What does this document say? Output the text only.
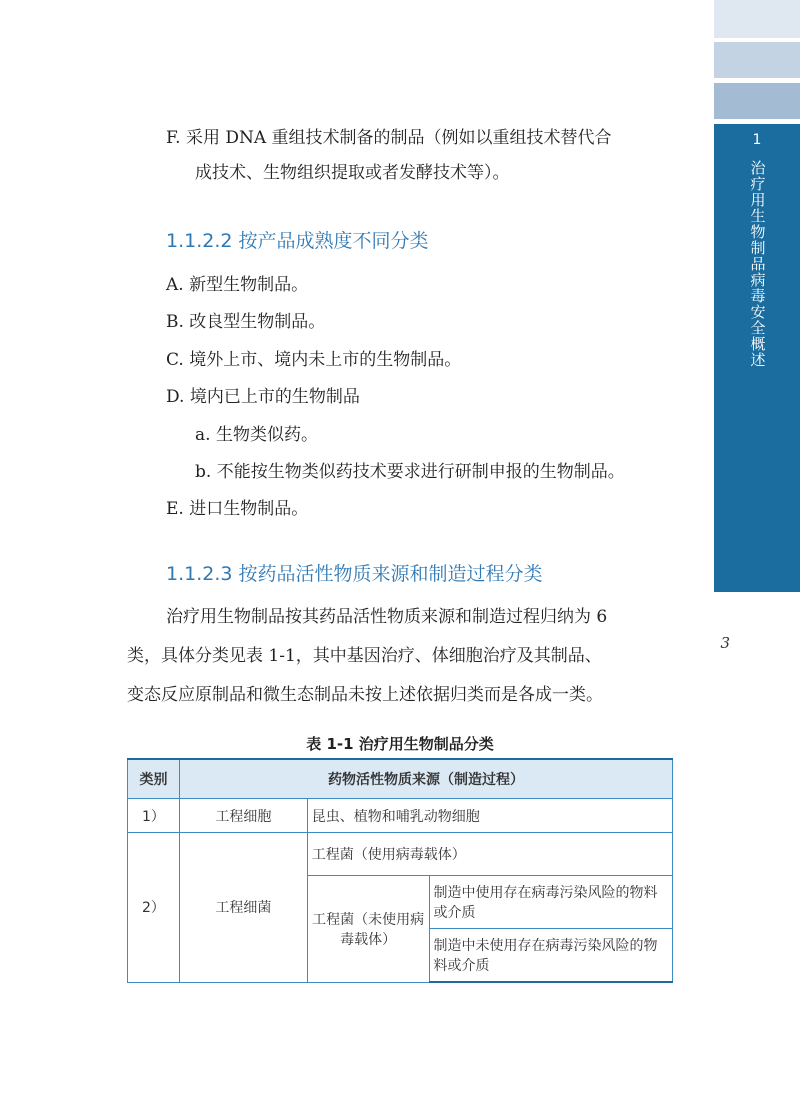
1
治疗用生物制品病毒安全概述
3
F. 采用 DNA 重组技术制备的制品（例如以重组技术替代合
成技术、生物组织提取或者发酵技术等）。
1.1.2.2 按产品成熟度不同分类
A. 新型生物制品。
B. 改良型生物制品。
C. 境外上市、境内未上市的生物制品。
D. 境内已上市的生物制品
a. 生物类似药。
b. 不能按生物类似药技术要求进行研制申报的生物制品。
E. 进口生物制品。
1.1.2.3 按药品活性物质来源和制造过程分类
治疗用生物制品按其药品活性物质来源和制造过程归纳为 6
类，具体分类见表 1-1，其中基因治疗、体细胞治疗及其制品、
变态反应原制品和微生态制品未按上述依据归类而是各成一类。
表 1-1 治疗用生物制品分类
类别	药物活性物质来源（制造过程）		
1）	工程细胞	昆虫、植物和哺乳动物细胞	
2）	工程细菌	工程菌（使用病毒载体）	
		工程菌（未使用病毒载体）	制造中使用存在病毒污染风险的物料或介质
			制造中未使用存在病毒污染风险的物料或介质
